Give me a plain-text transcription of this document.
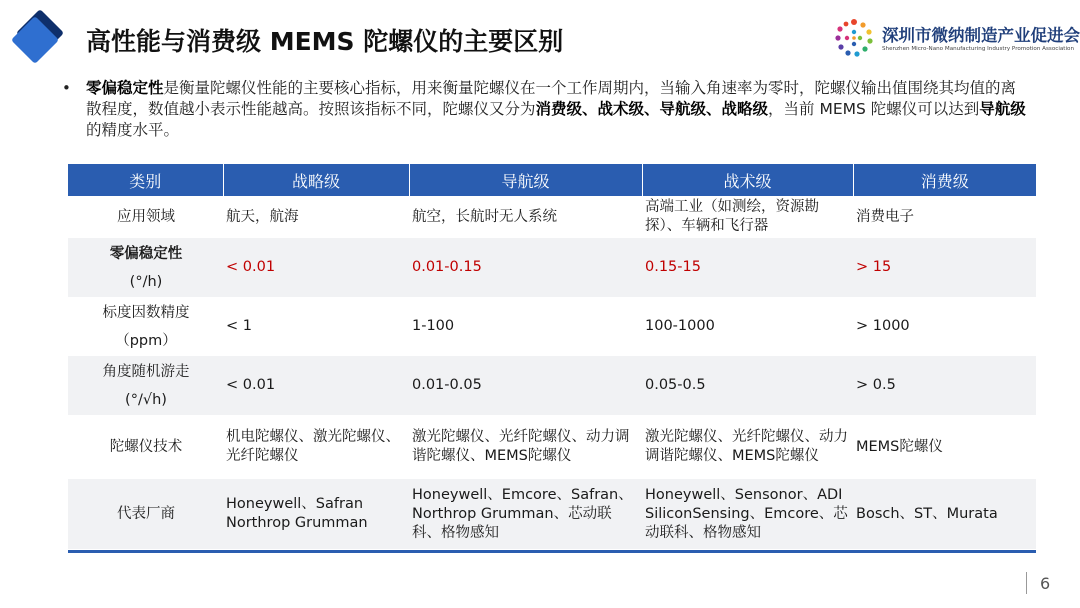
高性能与消费级 MEMS 陀螺仪的主要区别	深圳市微纳制造产业促进会
Shenzhen Micro-Nano Manufacturing Industry Promotion Association
• 零偏稳定性是衡量陀螺仪性能的主要核心指标，用来衡量陀螺仪在一个工作周期内，当输入角速率为零时，陀螺仪输出值围绕其均值的离散程度，数值越小表示性能越高。按照该指标不同，陀螺仪又分为消费级、战术级、导航级、战略级，当前 MEMS 陀螺仪可以达到导航级的精度水平。
类别	战略级	导航级	战术级	消费级
应用领域	航天，航海	航空，长航时无人系统	高端工业（如测绘，资源勘探）、车辆和飞行器	消费电子

零偏稳定性
(°/h)	< 0.01	0.01-0.15	0.15-15	> 15

标度因数精度
（ppm）	< 1	1-100	100-1000	> 1000

角度随机游走
(°/√h)	< 0.01	0.01-0.05	0.05-0.5	> 0.5
陀螺仪技术	机电陀螺仪、激光陀螺仪、光纤陀螺仪	激光陀螺仪、光纤陀螺仪、动力调谐陀螺仪、MEMS陀螺仪	激光陀螺仪、光纤陀螺仪、动力调谐陀螺仪、MEMS陀螺仪	MEMS陀螺仪
代表厂商	Honeywell、Safran Northrop Grumman	Honeywell、Emcore、Safran、Northrop Grumman、芯动联科、格物感知	Honeywell、Sensonor、ADI SiliconSensing、Emcore、芯动联科、格物感知	Bosch、ST、Murata
6
